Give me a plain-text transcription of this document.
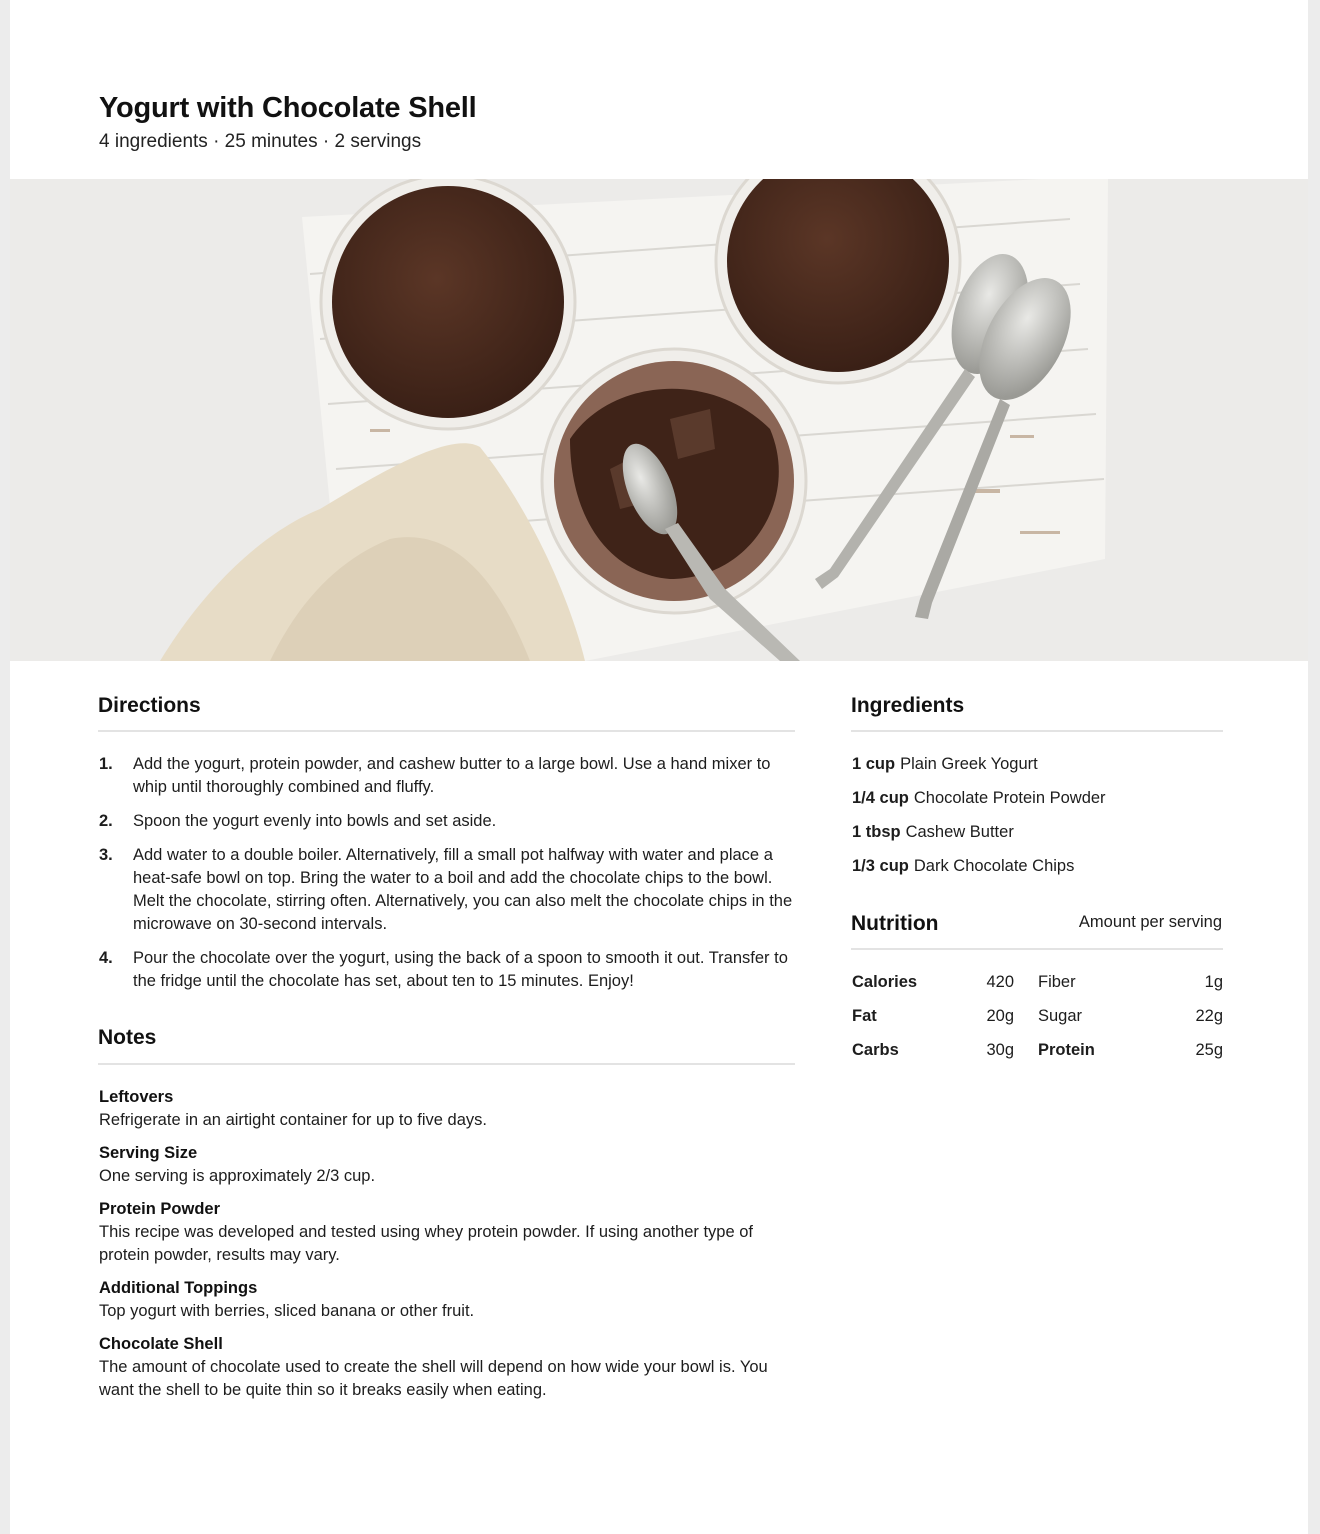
Yogurt with Chocolate Shell
4 ingredients · 25 minutes · 2 servings
Directions
1. Add the yogurt, protein powder, and cashew butter to a large bowl. Use a hand mixer to whip until thoroughly combined and fluffy.
2. Spoon the yogurt evenly into bowls and set aside.
3. Add water to a double boiler. Alternatively, fill a small pot halfway with water and place a heat-safe bowl on top. Bring the water to a boil and add the chocolate chips to the bowl. Melt the chocolate, stirring often. Alternatively, you can also melt the chocolate chips in the microwave on 30-second intervals.
4. Pour the chocolate over the yogurt, using the back of a spoon to smooth it out. Transfer to the fridge until the chocolate has set, about ten to 15 minutes. Enjoy!
Notes
Leftovers
Refrigerate in an airtight container for up to five days.
Serving Size
One serving is approximately 2/3 cup.
Protein Powder
This recipe was developed and tested using whey protein powder. If using another type of protein powder, results may vary.
Additional Toppings
Top yogurt with berries, sliced banana or other fruit.
Chocolate Shell
The amount of chocolate used to create the shell will depend on how wide your bowl is. You want the shell to be quite thin so it breaks easily when eating.
Ingredients
1 cup Plain Greek Yogurt
1/4 cup Chocolate Protein Powder
1 tbsp Cashew Butter
1/3 cup Dark Chocolate Chips
Nutrition	Amount per serving
Calories	420	Fiber	1g
Fat	20g	Sugar	22g
Carbs	30g	Protein	25g
